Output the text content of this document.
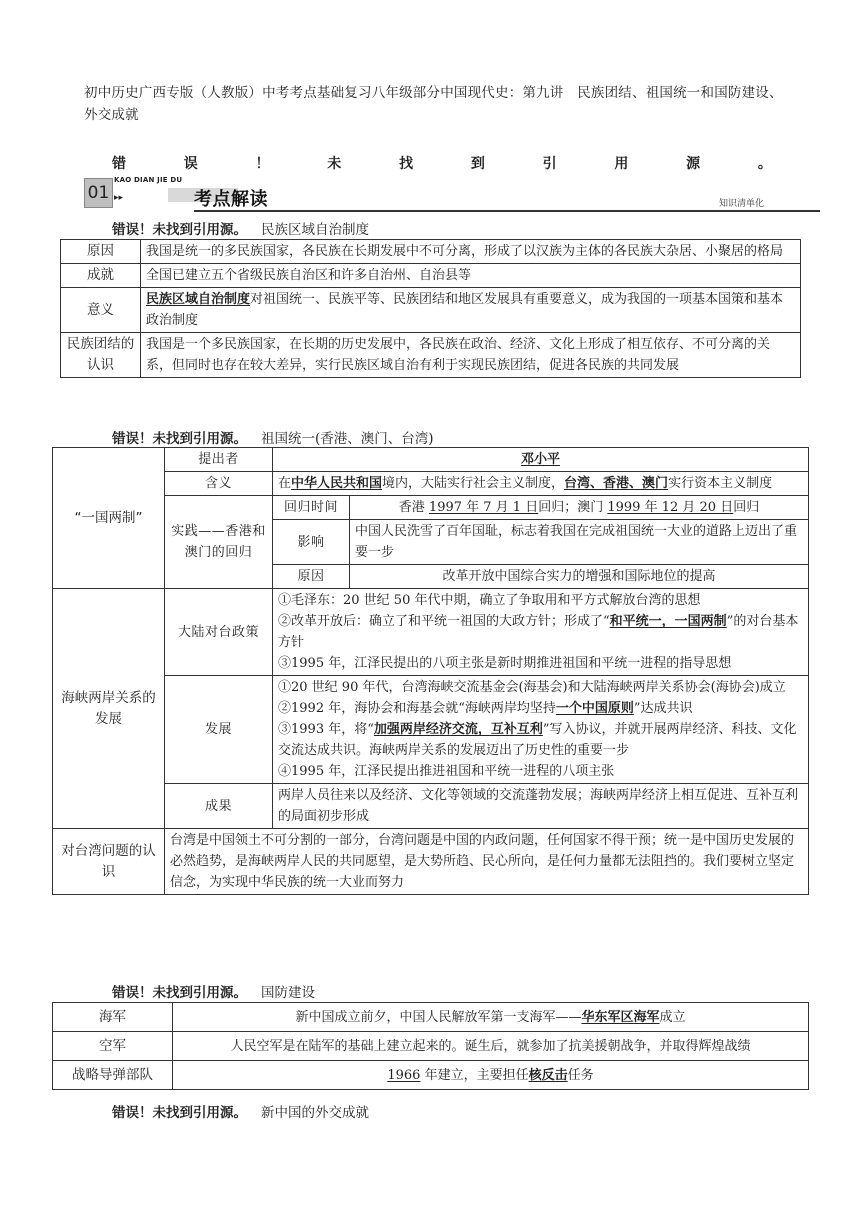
初中历史广西专版（人教版）中考考点基础复习八年级部分中国现代史：第九讲　民族团结、祖国统一和国防建设、外交成就
错	误	！	未	找	到	引	用	源	。
01
KAO DIAN JIE DU
▸▸	考点解读	知识清单化
错误！未找到引用源。 民族区域自治制度
原因	我国是统一的多民族国家，各民族在长期发展中不可分离，形成了以汉族为主体的各民族大杂居、小聚居的格局
成就	全国已建立五个省级民族自治区和许多自治州、自治县等
意义	民族区域自治制度对祖国统一、民族平等、民族团结和地区发展具有重要意义，成为我国的一项基本国策和基本政治制度
民族团结的认识	我国是一个多民族国家，在长期的历史发展中，各民族在政治、经济、文化上形成了相互依存、不可分离的关系，但同时也存在较大差异，实行民族区域自治有利于实现民族团结，促进各民族的共同发展
错误！未找到引用源。 祖国统一(香港、澳门、台湾)
“一国两制”	提出者	邓小平	
	含义	在中华人民共和国境内，大陆实行社会主义制度，台湾、香港、澳门实行资本主义制度	
	实践——香港和澳门的回归	回归时间	香港 1997 年 7 月 1 日回归；澳门 1999 年 12 月 20 日回归
		影响	中国人民洗雪了百年国耻，标志着我国在完成祖国统一大业的道路上迈出了重要一步
		原因	改革开放中国综合实力的增强和国际地位的提高
海峡两岸关系的发展	大陆对台政策	①毛泽东：20 世纪 50 年代中期，确立了争取用和平方式解放台湾的思想
②改革开放后：确立了和平统一祖国的大政方针；形成了“和平统一，一国两制”的对台基本方针
③1995 年，江泽民提出的八项主张是新时期推进祖国和平统一进程的指导思想	

	发展	①20 世纪 90 年代，台湾海峡交流基金会(海基会)和大陆海峡两岸关系协会(海协会)成立
②1992 年，海协会和海基会就“海峡两岸均坚持一个中国原则”达成共识
③1993 年，将“加强两岸经济交流，互补互利”写入协议，并就开展两岸经济、科技、文化交流达成共识。海峡两岸关系的发展迈出了历史性的重要一步
④1995 年，江泽民提出推进祖国和平统一进程的八项主张	

	成果	两岸人员往来以及经济、文化等领域的交流蓬勃发展；海峡两岸经济上相互促进、互补互利的局面初步形成	
对台湾问题的认识	台湾是中国领土不可分割的一部分，台湾问题是中国的内政问题，任何国家不得干预；统一是中国历史发展的必然趋势，是海峡两岸人民的共同愿望，是大势所趋、民心所向，是任何力量都无法阻挡的。我们要树立坚定信念，为实现中华民族的统一大业而努力		
错误！未找到引用源。 国防建设
海军	新中国成立前夕，中国人民解放军第一支海军——华东军区海军成立
空军	人民空军是在陆军的基础上建立起来的。诞生后，就参加了抗美援朝战争，并取得辉煌战绩
战略导弹部队	1966 年建立，主要担任核反击任务
错误！未找到引用源。 新中国的外交成就
